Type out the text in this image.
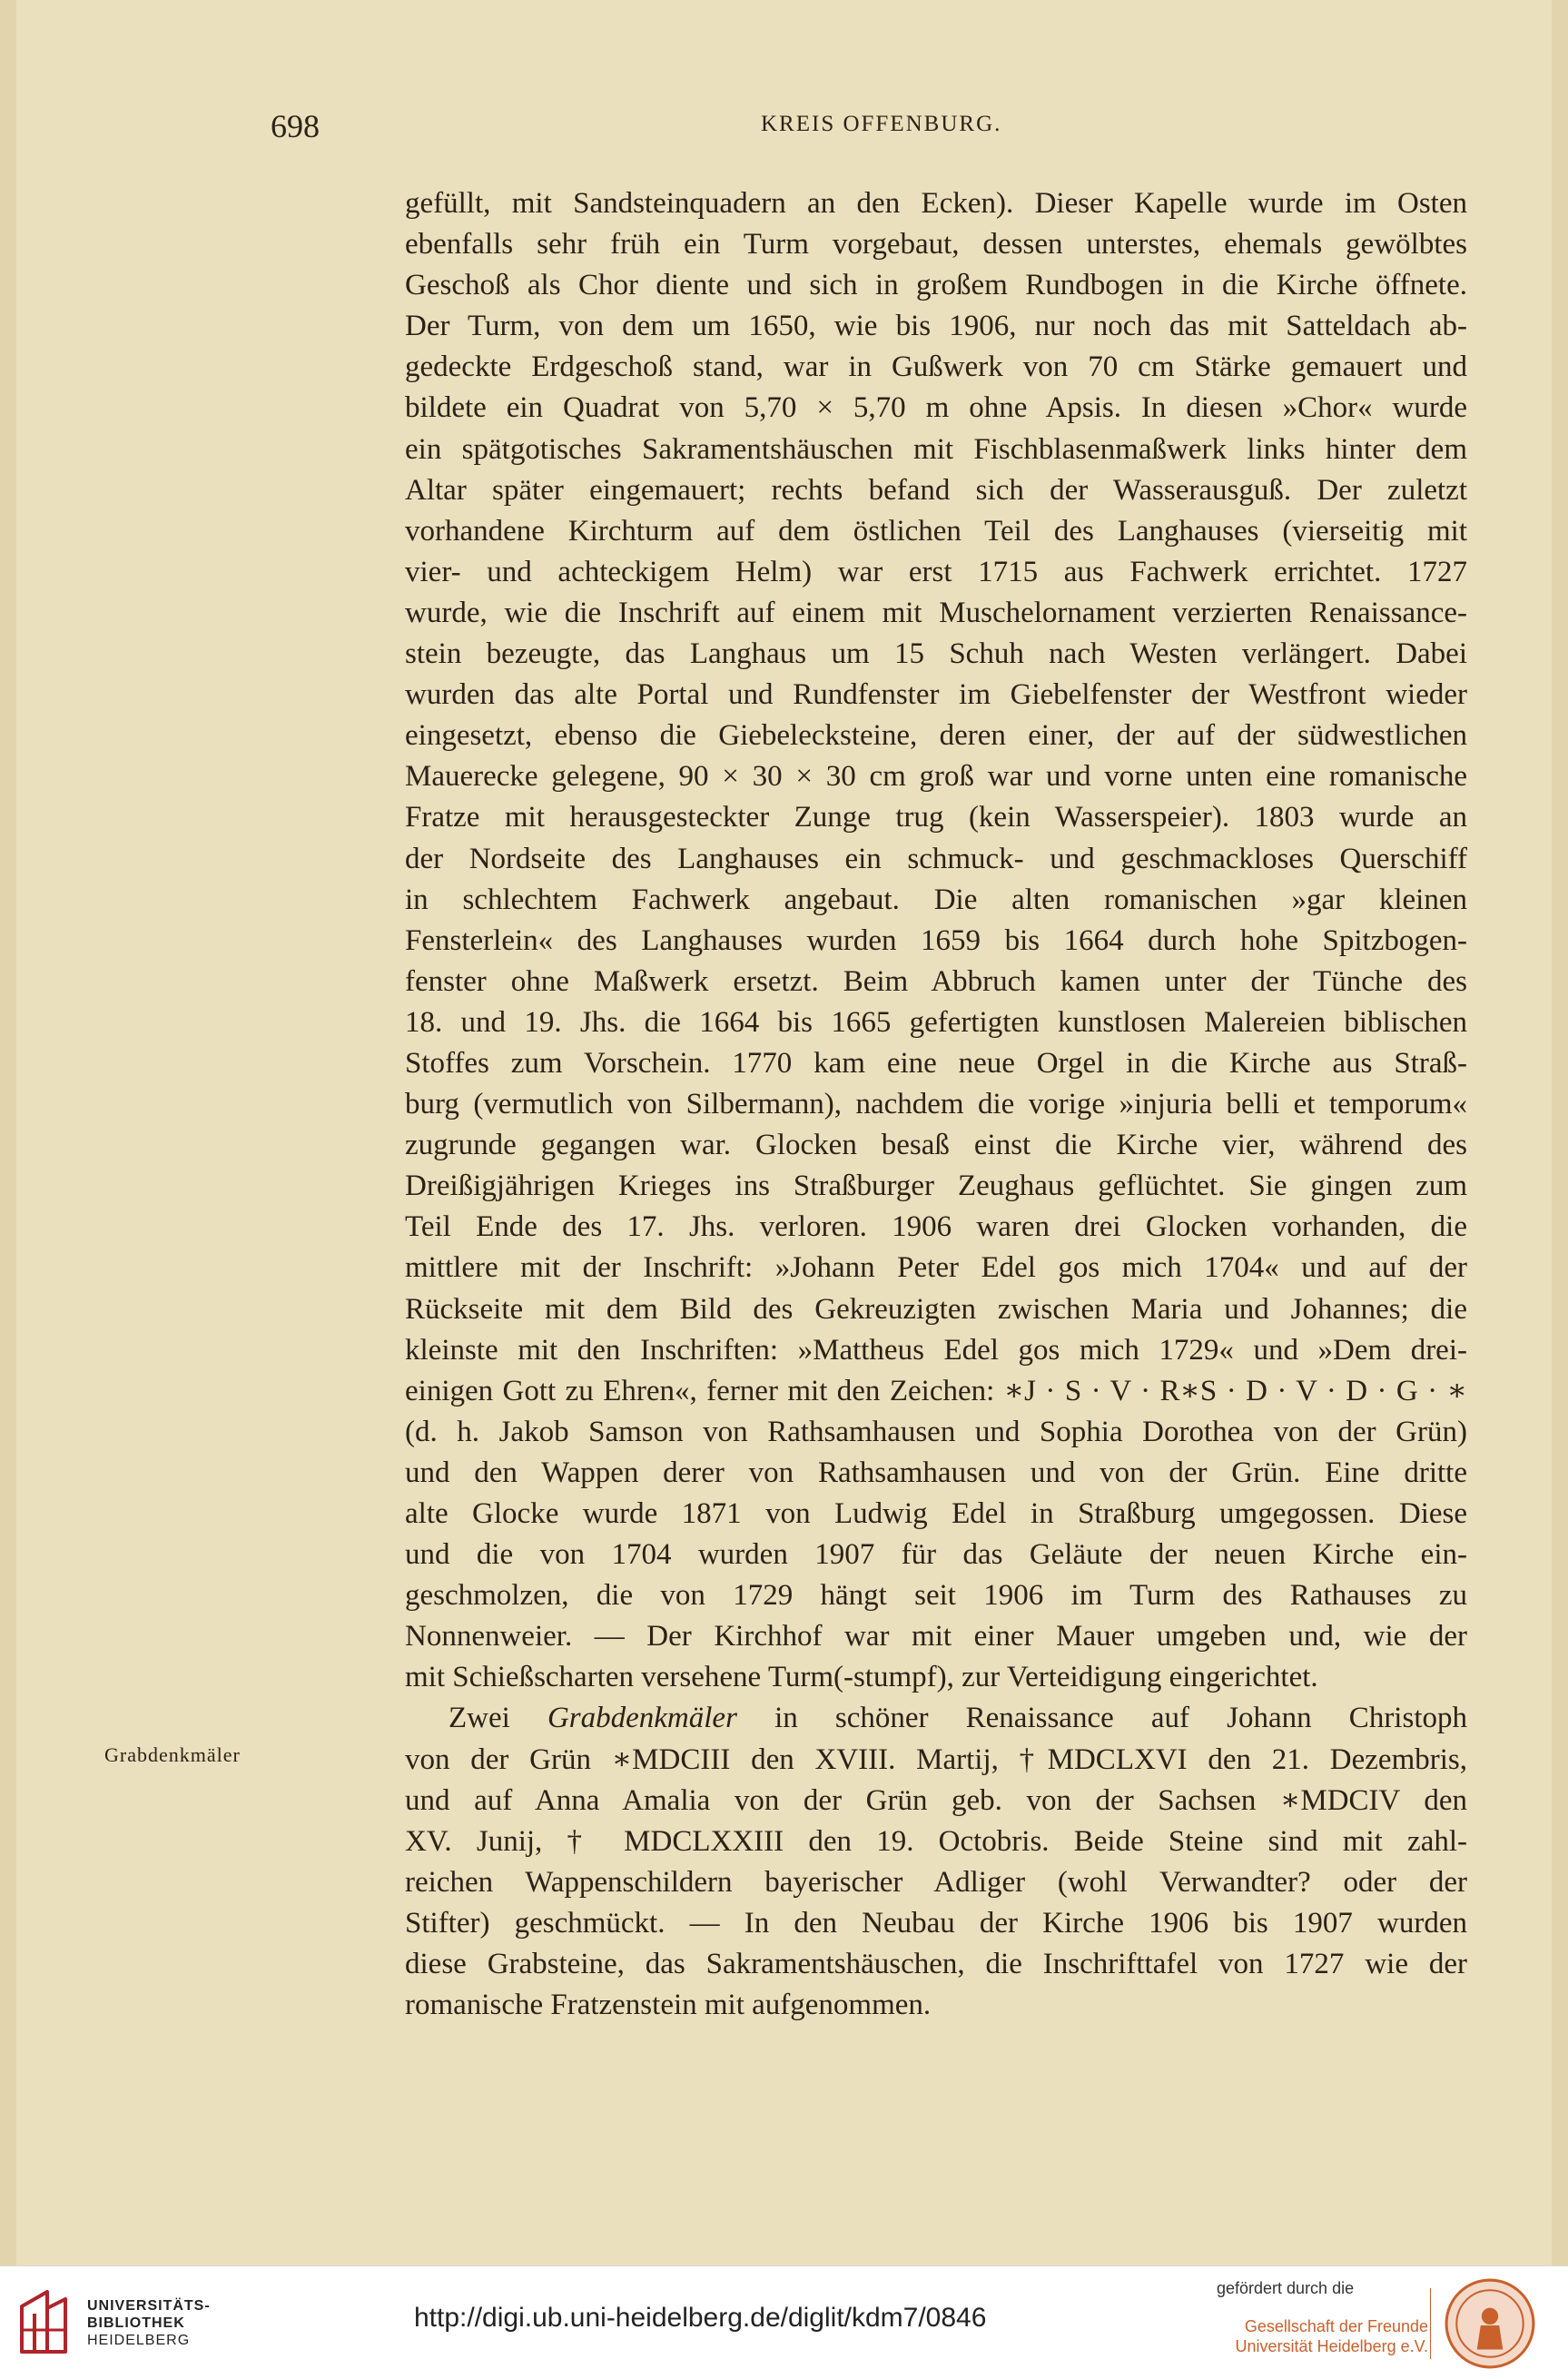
698	KREIS OFFENBURG.
gefüllt, mit Sandsteinquadern an den Ecken). Dieser Kapelle wurde im Osten
ebenfalls sehr früh ein Turm vorgebaut, dessen unterstes, ehemals gewölbtes
Geschoß als Chor diente und sich in großem Rundbogen in die Kirche öffnete.
Der Turm, von dem um 1650, wie bis 1906, nur noch das mit Satteldach ab-
gedeckte Erdgeschoß stand, war in Gußwerk von 70 cm Stärke gemauert und
bildete ein Quadrat von 5,70 × 5,70 m ohne Apsis. In diesen »Chor« wurde
ein spätgotisches Sakramentshäuschen mit Fischblasenmaßwerk links hinter dem
Altar später eingemauert; rechts befand sich der Wasserausguß. Der zuletzt
vorhandene Kirchturm auf dem östlichen Teil des Langhauses (vierseitig mit
vier- und achteckigem Helm) war erst 1715 aus Fachwerk errichtet. 1727
wurde, wie die Inschrift auf einem mit Muschelornament verzierten Renaissance-
stein bezeugte, das Langhaus um 15 Schuh nach Westen verlängert. Dabei
wurden das alte Portal und Rundfenster im Giebelfenster der Westfront wieder
eingesetzt, ebenso die Giebelecksteine, deren einer, der auf der südwestlichen
Mauerecke gelegene, 90 × 30 × 30 cm groß war und vorne unten eine romanische
Fratze mit herausgesteckter Zunge trug (kein Wasserspeier). 1803 wurde an
der Nordseite des Langhauses ein schmuck- und geschmackloses Querschiff
in schlechtem Fachwerk angebaut. Die alten romanischen »gar kleinen
Fensterlein« des Langhauses wurden 1659 bis 1664 durch hohe Spitzbogen-
fenster ohne Maßwerk ersetzt. Beim Abbruch kamen unter der Tünche des
18. und 19. Jhs. die 1664 bis 1665 gefertigten kunstlosen Malereien biblischen
Stoffes zum Vorschein. 1770 kam eine neue Orgel in die Kirche aus Straß-
burg (vermutlich von Silbermann), nachdem die vorige »injuria belli et temporum«
zugrunde gegangen war. Glocken besaß einst die Kirche vier, während des
Dreißigjährigen Krieges ins Straßburger Zeughaus geflüchtet. Sie gingen zum
Teil Ende des 17. Jhs. verloren. 1906 waren drei Glocken vorhanden, die
mittlere mit der Inschrift: »Johann Peter Edel gos mich 1704« und auf der
Rückseite mit dem Bild des Gekreuzigten zwischen Maria und Johannes; die
kleinste mit den Inschriften: »Mattheus Edel gos mich 1729« und »Dem drei-
einigen Gott zu Ehren«, ferner mit den Zeichen: ∗J · S · V · R∗S · D · V · D · G · ∗
(d. h. Jakob Samson von Rathsamhausen und Sophia Dorothea von der Grün)
und den Wappen derer von Rathsamhausen und von der Grün. Eine dritte
alte Glocke wurde 1871 von Ludwig Edel in Straßburg umgegossen. Diese
und die von 1704 wurden 1907 für das Geläute der neuen Kirche ein-
geschmolzen, die von 1729 hängt seit 1906 im Turm des Rathauses zu
Nonnenweier. — Der Kirchhof war mit einer Mauer umgeben und, wie der
mit Schießscharten versehene Turm(-stumpf), zur Verteidigung eingerichtet.
Zwei Grabdenkmäler in schöner Renaissance auf Johann Christoph
von der Grün ∗MDCIII den XVIII. Martij, †MDCLXVI den 21. Dezembris,
und auf Anna Amalia von der Grün geb. von der Sachsen ∗MDCIV den
XV. Junij, † MDCLXXIII den 19. Octobris. Beide Steine sind mit zahl-
reichen Wappenschildern bayerischer Adliger (wohl Verwandter? oder der
Stifter) geschmückt. — In den Neubau der Kirche 1906 bis 1907 wurden
diese Grabsteine, das Sakramentshäuschen, die Inschrifttafel von 1727 wie der
romanische Fratzenstein mit aufgenommen.
Grabdenkmäler
UNIVERSITÄTS-
BIBLIOTHEK
HEIDELBERG
http://digi.ub.uni-heidelberg.de/diglit/kdm7/0846
gefördert durch die
Gesellschaft der Freunde
Universität Heidelberg e.V.
